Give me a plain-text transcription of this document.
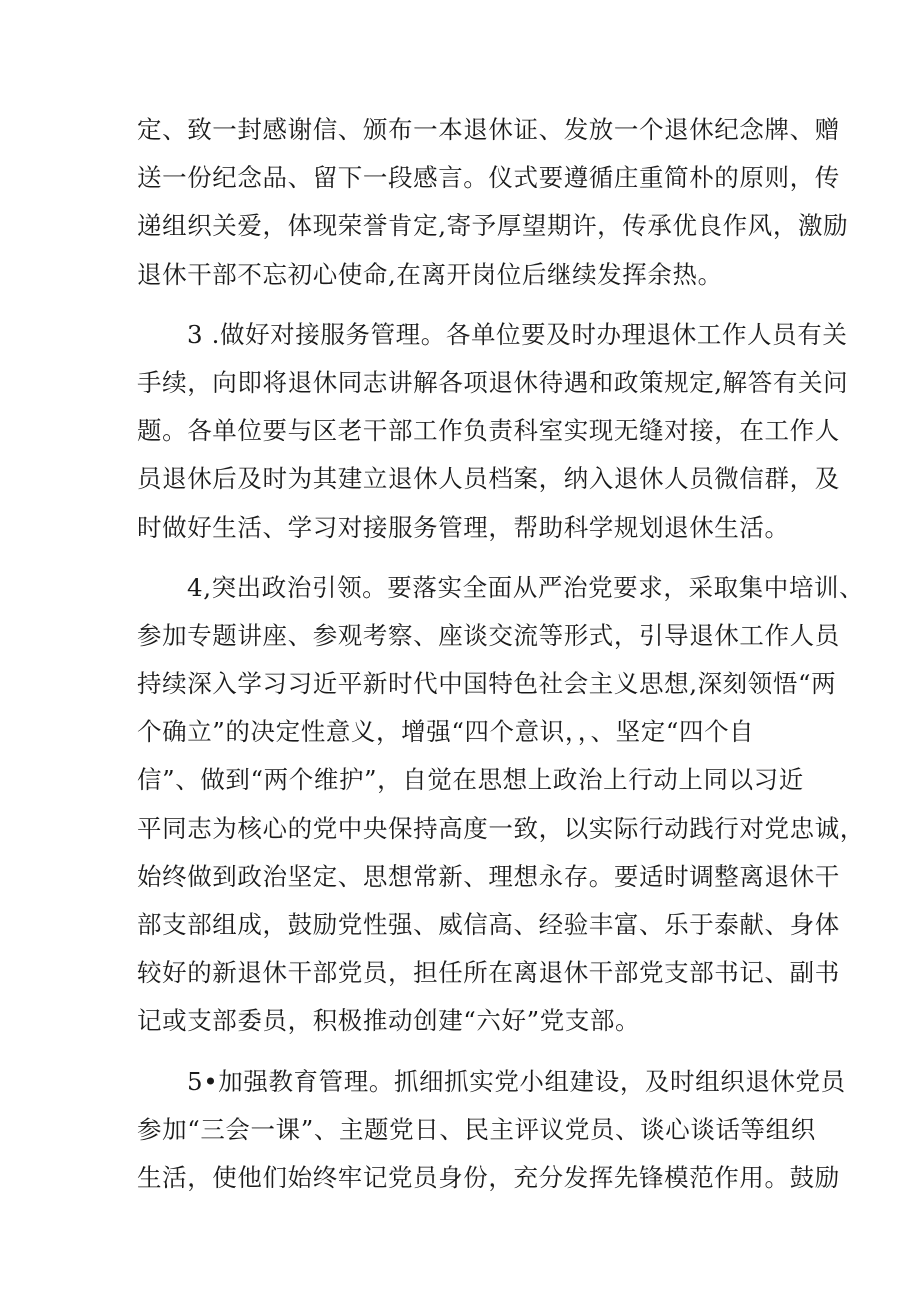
定、致一封感谢信、颁布一本退休证、发放一个退休纪念牌、赠
送一份纪念品、留下一段感言。仪式要遵循庄重简朴的原则，传
递组织关爱，体现荣誉肯定,寄予厚望期许，传承优良作风，激励
退休干部不忘初心使命,在离开岗位后继续发挥余热。
3 .做好对接服务管理。各单位要及时办理退休工作人员有关
手续，向即将退休同志讲解各项退休待遇和政策规定,解答有关问
题。各单位要与区老干部工作负责科室实现无缝对接，在工作人
员退休后及时为其建立退休人员档案，纳入退休人员微信群，及
时做好生活、学习对接服务管理，帮助科学规划退休生活。
4,突出政治引领。要落实全面从严治党要求，采取集中培训、
参加专题讲座、参观考察、座谈交流等形式，引导退休工作人员
持续深入学习习近平新时代中国特色社会主义思想,深刻领悟“两
个确立”的决定性意义，增强“四个意识，，、坚定“四个自
信”、做到“两个维护”，自觉在思想上政治上行动上同以习近
平同志为核心的党中央保持高度一致，以实际行动践行对党忠诚，
始终做到政治坚定、思想常新、理想永存。要适时调整离退休干
部支部组成，鼓励党性强、威信高、经验丰富、乐于泰献、身体
较好的新退休干部党员，担任所在离退休干部党支部书记、副书
记或支部委员，积极推动创建“六好”党支部。
5•加强教育管理。抓细抓实党小组建设，及时组织退休党员
参加“三会一课”、主题党日、民主评议党员、谈心谈话等组织
生活，使他们始终牢记党员身份，充分发挥先锋模范作用。鼓励
